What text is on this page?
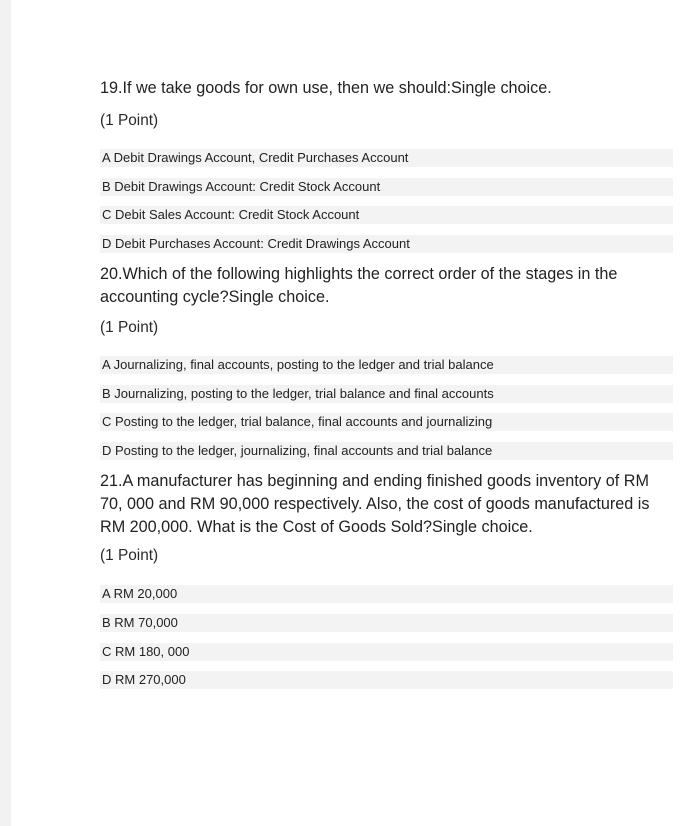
19.If we take goods for own use, then we should:Single choice.

(1 Point)

A Debit Drawings Account, Credit Purchases Account
B Debit Drawings Account: Credit Stock Account
C Debit Sales Account: Credit Stock Account
D Debit Purchases Account: Credit Drawings Account

20.Which of the following highlights the correct order of the stages in the

accounting cycle?Single choice.

(1 Point)

A Journalizing, final accounts, posting to the ledger and trial balance
B Journalizing, posting to the ledger, trial balance and final accounts
C Posting to the ledger, trial balance, final accounts and journalizing
D Posting to the ledger, journalizing, final accounts and trial balance

21.A manufacturer has beginning and ending finished goods inventory of RM

70, 000 and RM 90,000 respectively. Also, the cost of goods manufactured is

RM 200,000. What is the Cost of Goods Sold?Single choice.

(1 Point)

A RM 20,000
B RM 70,000
C RM 180, 000
D RM 270,000
